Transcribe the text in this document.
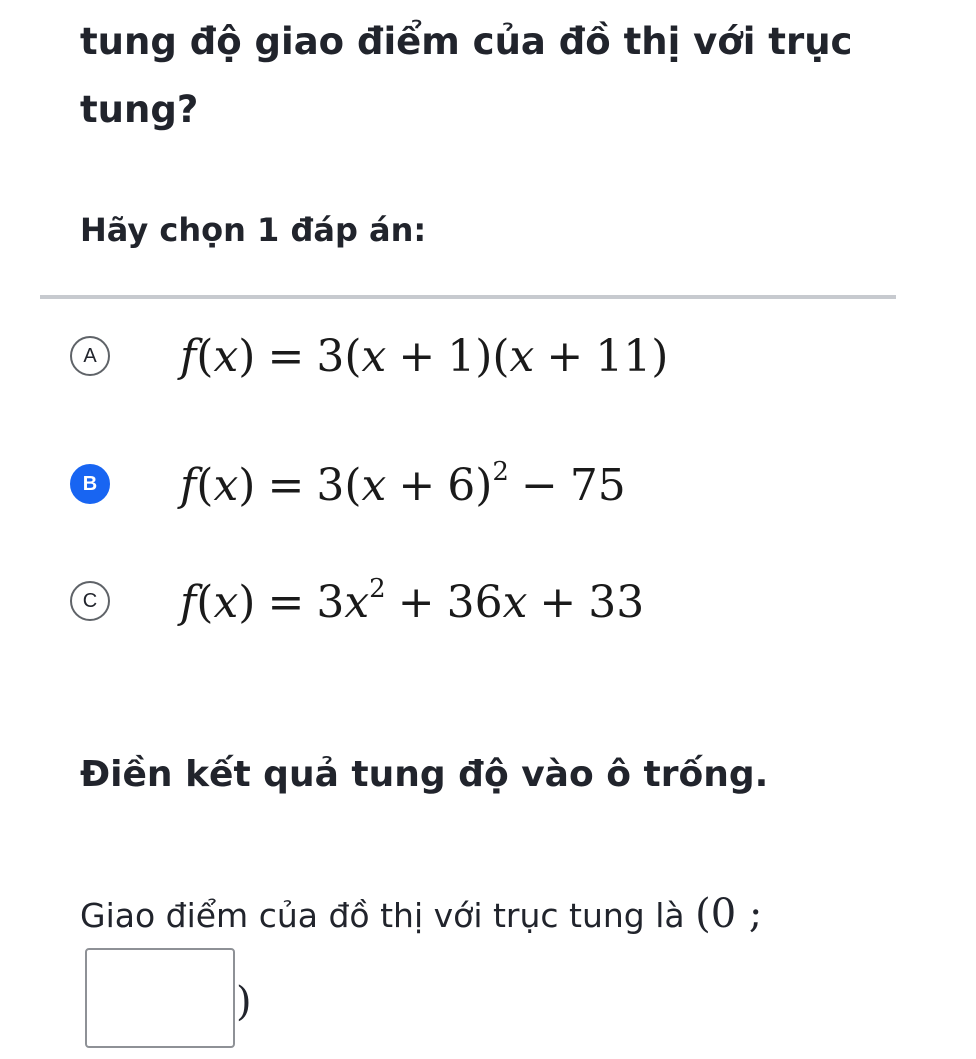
tung độ giao điểm của đồ thị với trục
tung?
Hãy chọn 1 đáp án:
A	f(x) = 3(x + 1)(x + 11)
B $f(x) = 3(x + 6)^2 - 75$
C $f(x) = 3x^2 + 36x + 33$
Điền kết quả tung độ vào ô trống.
Giao điểm của đồ thị với trục tung là (0 ;
)
